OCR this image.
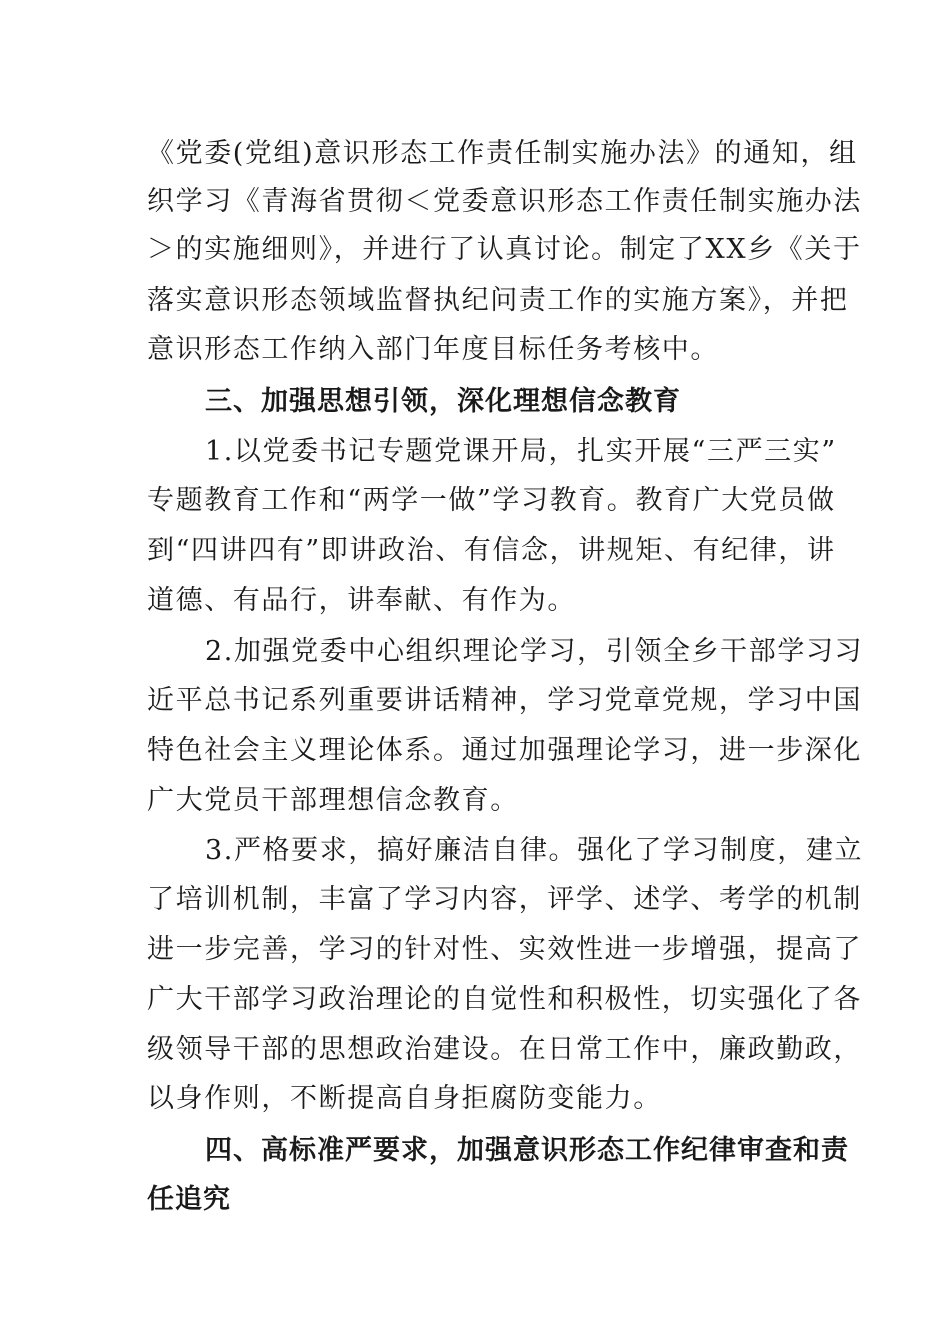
《党委(党组)意识形态工作责任制实施办法》的通知，组
织学习《青海省贯彻＜党委意识形态工作责任制实施办法
＞的实施细则》，并进行了认真讨论。制定了XX乡《关于
落实意识形态领域监督执纪问责工作的实施方案》，并把
意识形态工作纳入部门年度目标任务考核中。
三、加强思想引领，深化理想信念教育
1.以党委书记专题党课开局，扎实开展“三严三实”
专题教育工作和“两学一做”学习教育。教育广大党员做
到“四讲四有”即讲政治、有信念，讲规矩、有纪律，讲
道德、有品行，讲奉献、有作为。
2.加强党委中心组织理论学习，引领全乡干部学习习
近平总书记系列重要讲话精神，学习党章党规，学习中国
特色社会主义理论体系。通过加强理论学习，进一步深化
广大党员干部理想信念教育。
3.严格要求，搞好廉洁自律。强化了学习制度，建立
了培训机制，丰富了学习内容，评学、述学、考学的机制
进一步完善，学习的针对性、实效性进一步增强，提高了
广大干部学习政治理论的自觉性和积极性，切实强化了各
级领导干部的思想政治建设。在日常工作中，廉政勤政，
以身作则，不断提高自身拒腐防变能力。
四、高标准严要求，加强意识形态工作纪律审查和责
任追究
